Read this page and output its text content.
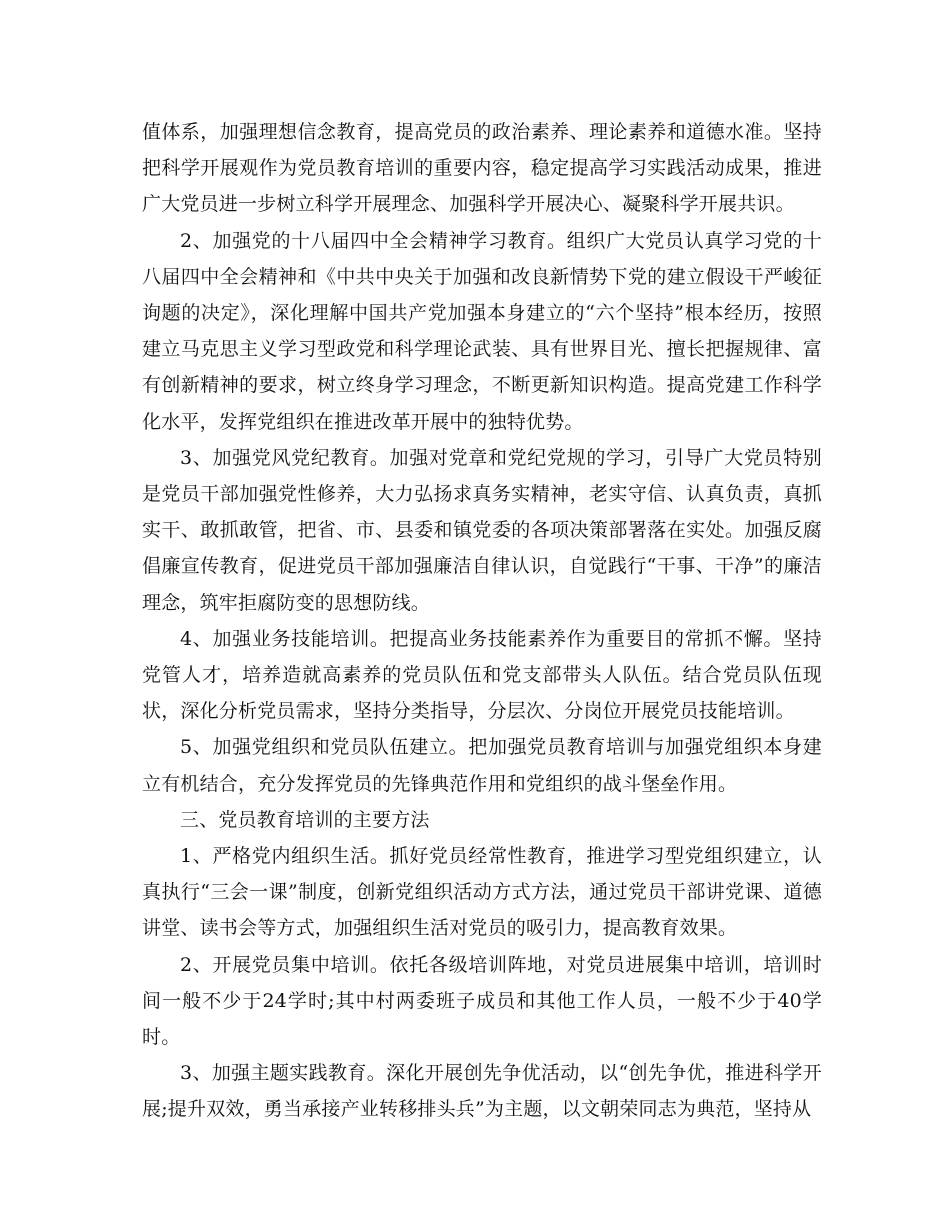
值体系，加强理想信念教育，提高党员的政治素养、理论素养和道德水准。坚持把科学开展观作为党员教育培训的重要内容，稳定提高学习实践活动成果，推进广大党员进一步树立科学开展理念、加强科学开展决心、凝聚科学开展共识。

2、加强党的十八届四中全会精神学习教育。组织广大党员认真学习党的十八届四中全会精神和《中共中央关于加强和改良新情势下党的建立假设干严峻征询题的决定》，深化理解中国共产党加强本身建立的“六个坚持”根本经历，按照建立马克思主义学习型政党和科学理论武装、具有世界目光、擅长把握规律、富有创新精神的要求，树立终身学习理念，不断更新知识构造。提高党建工作科学化水平，发挥党组织在推进改革开展中的独特优势。

3、加强党风党纪教育。加强对党章和党纪党规的学习，引导广大党员特别是党员干部加强党性修养，大力弘扬求真务实精神，老实守信、认真负责，真抓实干、敢抓敢管，把省、市、县委和镇党委的各项决策部署落在实处。加强反腐倡廉宣传教育，促进党员干部加强廉洁自律认识，自觉践行“干事、干净”的廉洁理念，筑牢拒腐防变的思想防线。

4、加强业务技能培训。把提高业务技能素养作为重要目的常抓不懈。坚持党管人才，培养造就高素养的党员队伍和党支部带头人队伍。结合党员队伍现状，深化分析党员需求，坚持分类指导，分层次、分岗位开展党员技能培训。

5、加强党组织和党员队伍建立。把加强党员教育培训与加强党组织本身建立有机结合，充分发挥党员的先锋典范作用和党组织的战斗堡垒作用。

三、党员教育培训的主要方法

1、严格党内组织生活。抓好党员经常性教育，推进学习型党组织建立，认真执行“三会一课”制度，创新党组织活动方式方法，通过党员干部讲党课、道德讲堂、读书会等方式，加强组织生活对党员的吸引力，提高教育效果。

2、开展党员集中培训。依托各级培训阵地，对党员进展集中培训，培训时间一般不少于24学时;其中村两委班子成员和其他工作人员，一般不少于40学时。

3、加强主题实践教育。深化开展创先争优活动，以“创先争优，推进科学开展;提升双效，勇当承接产业转移排头兵”为主题，以文朝荣同志为典范，坚持从
